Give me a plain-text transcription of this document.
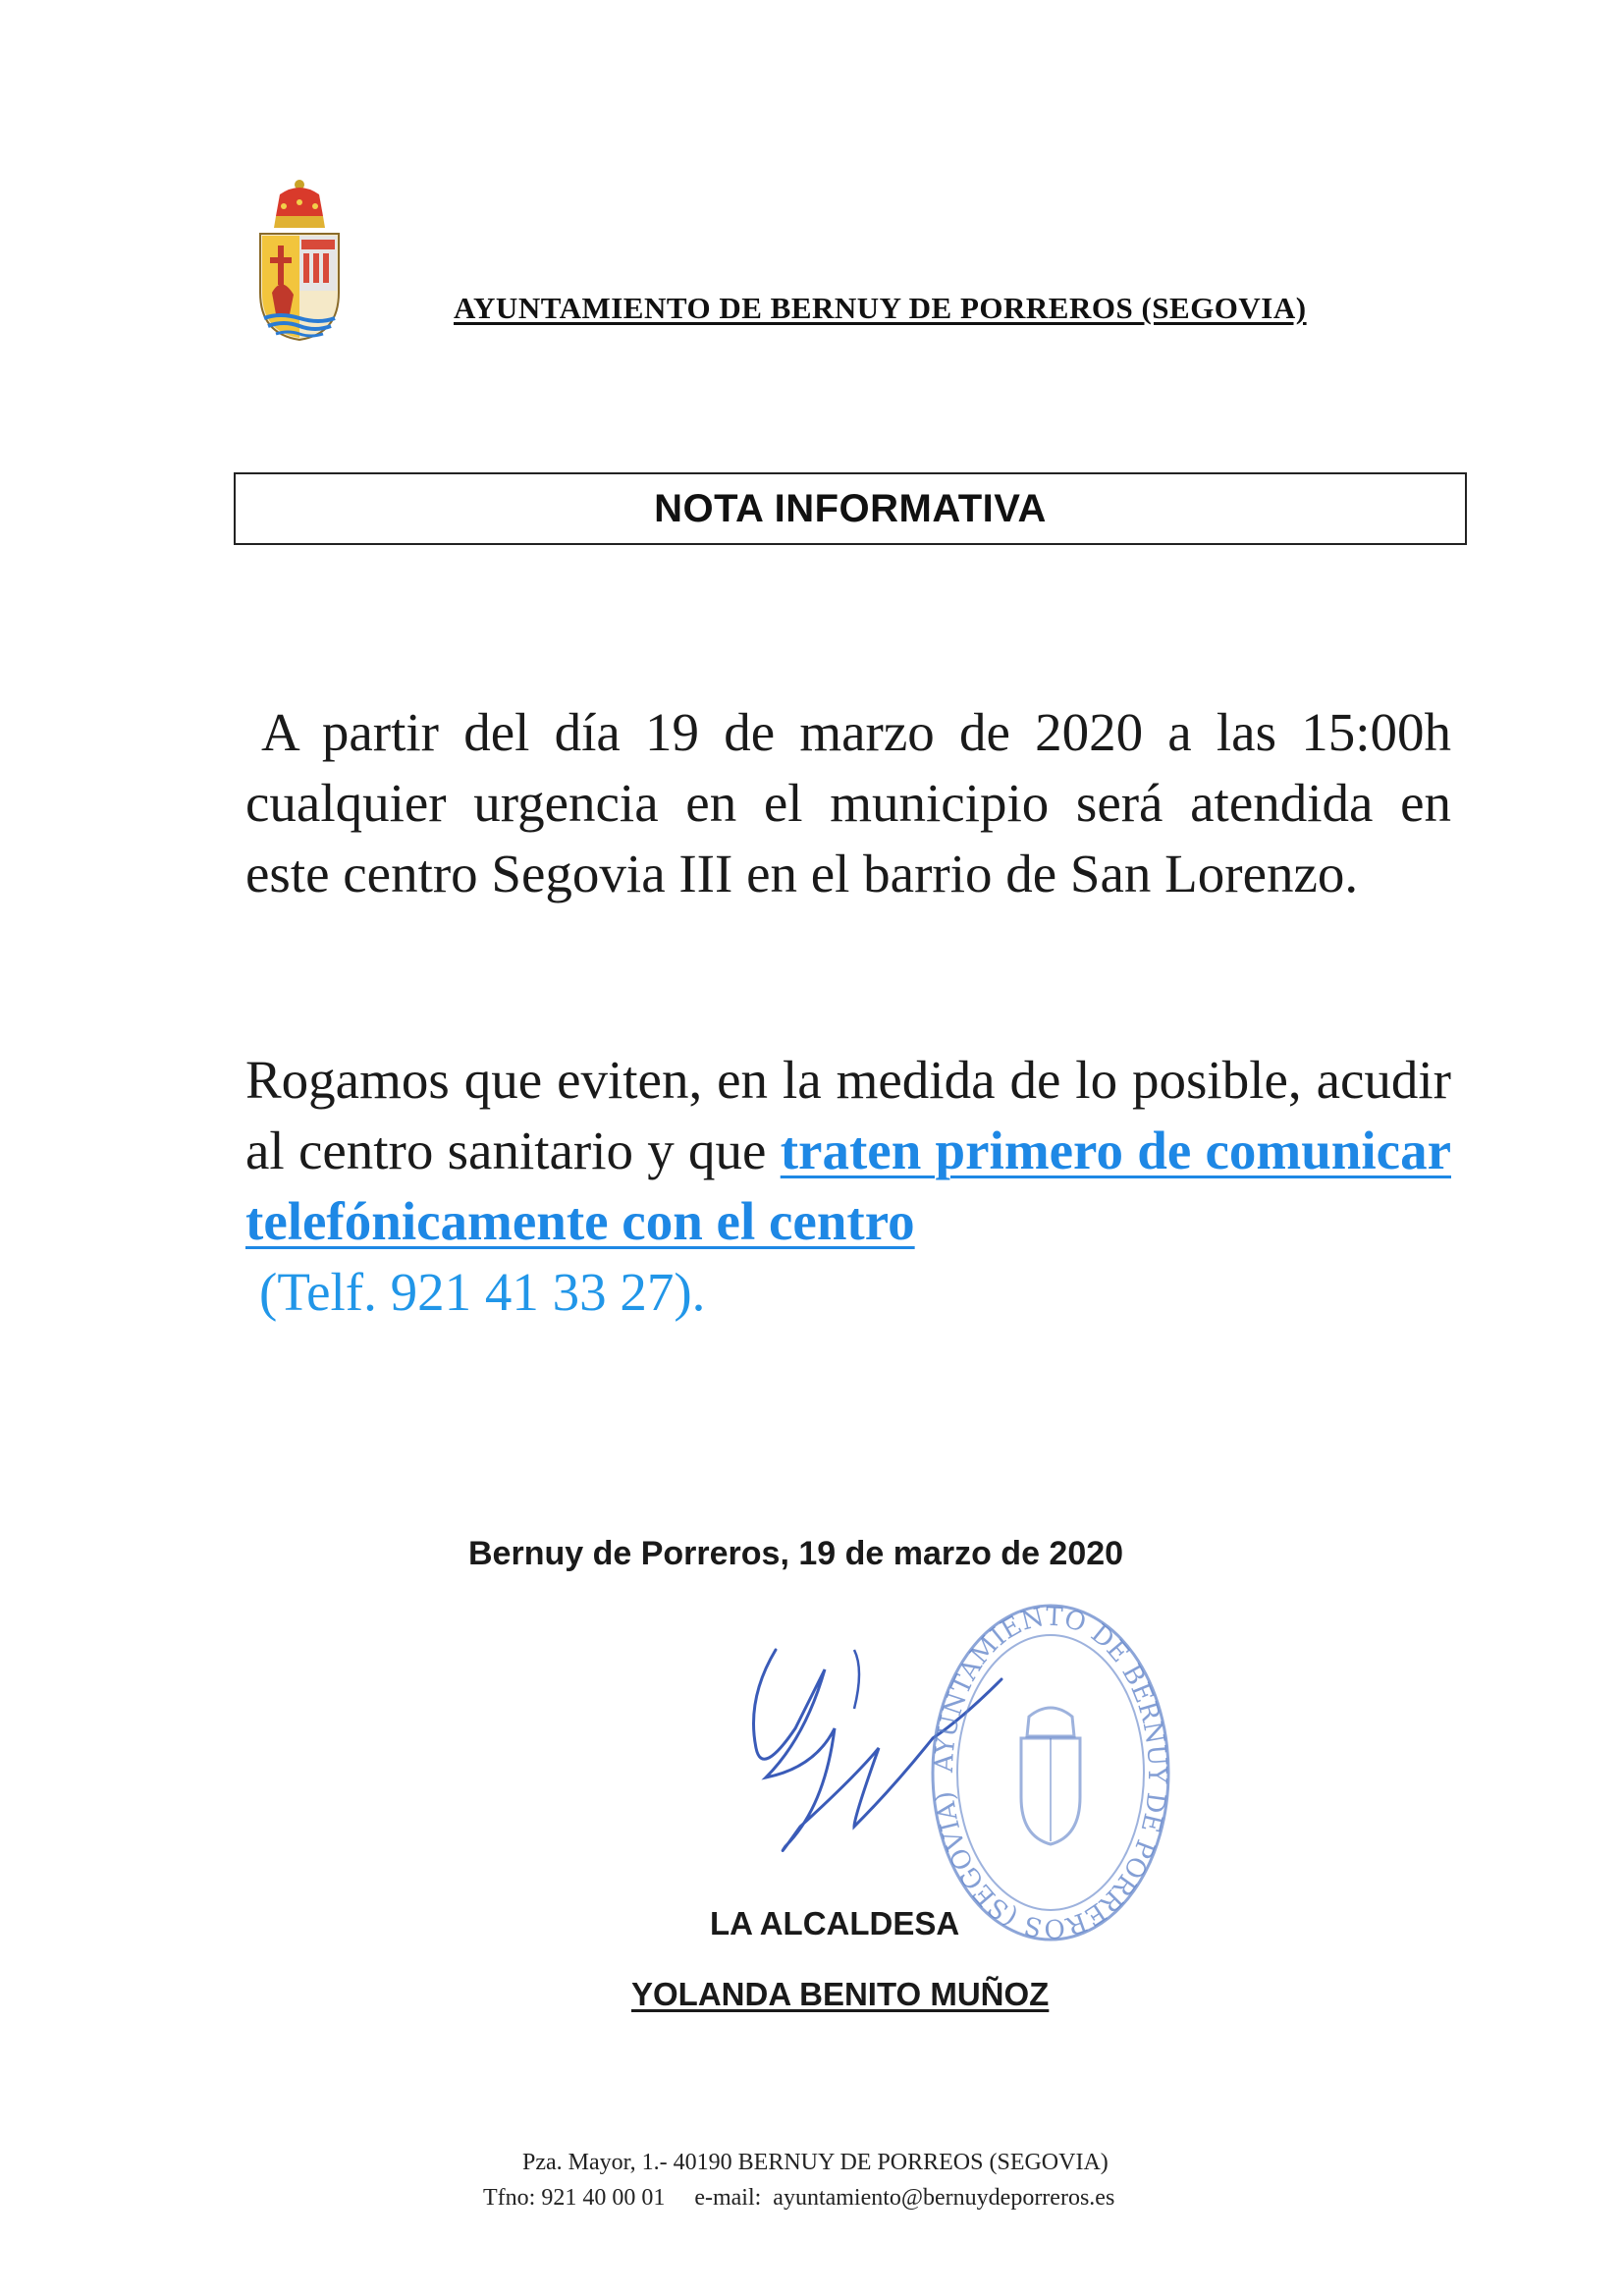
AYUNTAMIENTO DE BERNUY DE PORREROS (SEGOVIA)
NOTA INFORMATIVA
A partir del día 19 de marzo de 2020 a las 15:00h cualquier urgencia en el municipio será atendida en este centro Segovia III en el barrio de San Lorenzo.
Rogamos que eviten, en la medida de lo posible, acudir al centro sanitario y que traten primero de comunicar telefónicamente con el centro
(Telf. 921 41 33 27).
Bernuy de Porreros, 19 de marzo de 2020
AYUNTAMIENTO DE BERNUY DE PORREROS (SEGOVIA)
LA ALCALDESA
YOLANDA BENITO MUÑOZ
Pza. Mayor, 1.- 40190 BERNUY DE PORREOS (SEGOVIA)
Tfno: 921 40 00 01     e-mail:  ayuntamiento@bernuydeporreros.es
